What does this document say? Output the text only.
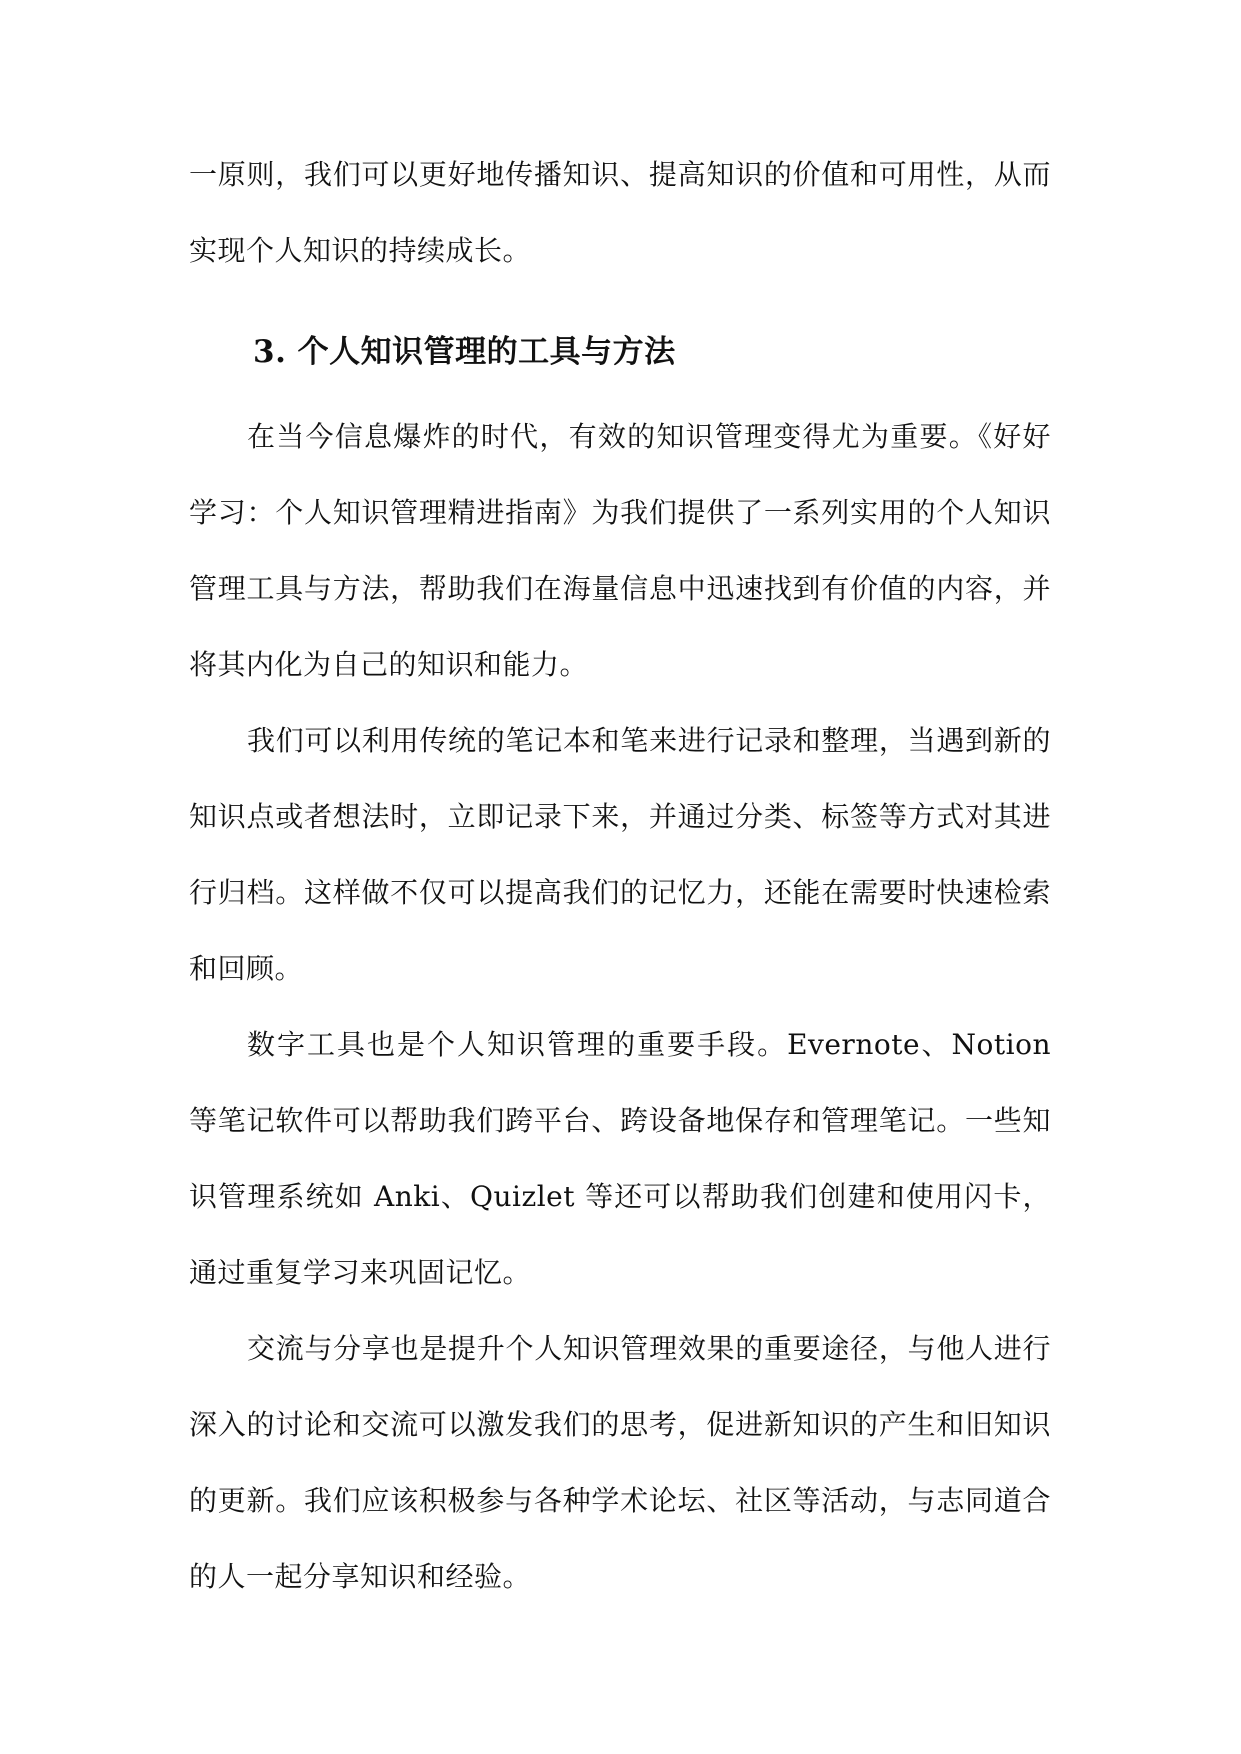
一原则，我们可以更好地传播知识、提高知识的价值和可用性，从而实现个人知识的持续成长。

3. 个人知识管理的工具与方法

在当今信息爆炸的时代，有效的知识管理变得尤为重要。《好好学习：个人知识管理精进指南》为我们提供了一系列实用的个人知识管理工具与方法，帮助我们在海量信息中迅速找到有价值的内容，并将其内化为自己的知识和能力。

我们可以利用传统的笔记本和笔来进行记录和整理，当遇到新的知识点或者想法时，立即记录下来，并通过分类、标签等方式对其进行归档。这样做不仅可以提高我们的记忆力，还能在需要时快速检索和回顾。

数字工具也是个人知识管理的重要手段。Evernote、Notion 等笔记软件可以帮助我们跨平台、跨设备地保存和管理笔记。一些知识管理系统如 Anki、Quizlet 等还可以帮助我们创建和使用闪卡，通过重复学习来巩固记忆。

交流与分享也是提升个人知识管理效果的重要途径，与他人进行深入的讨论和交流可以激发我们的思考，促进新知识的产生和旧知识的更新。我们应该积极参与各种学术论坛、社区等活动，与志同道合的人一起分享知识和经验。
